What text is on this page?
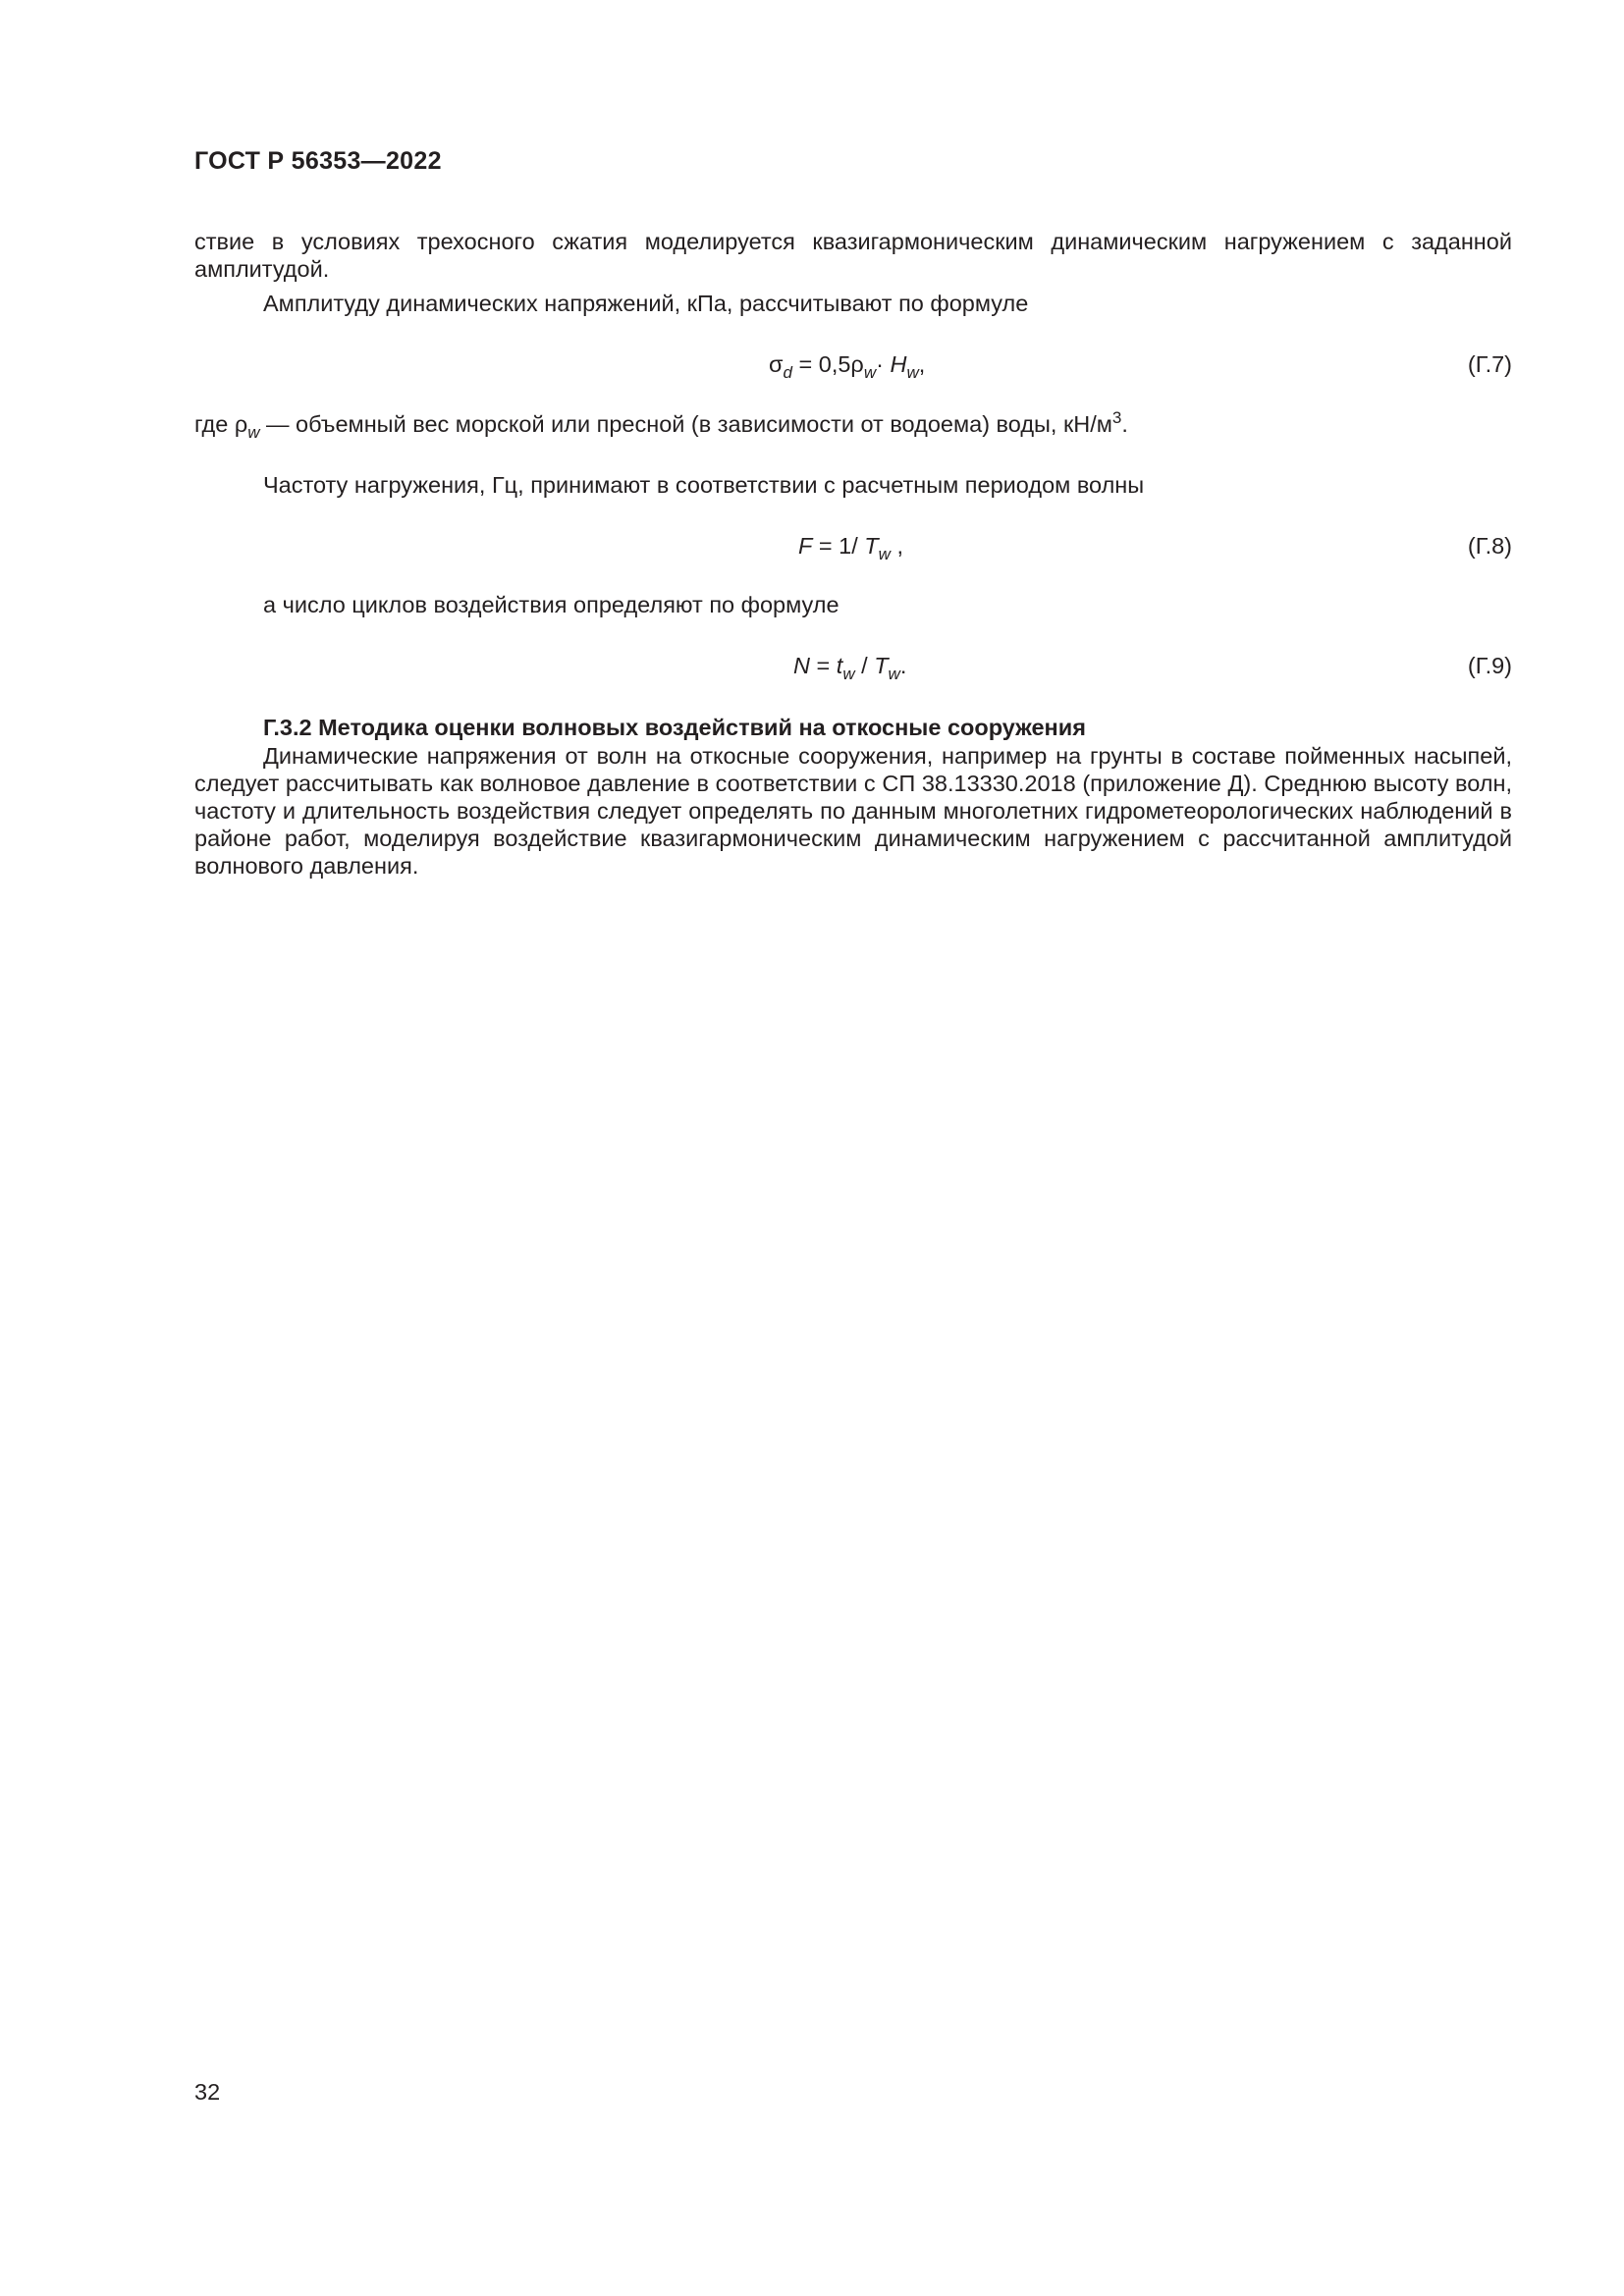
ГОСТ Р 56353—2022
ствие в условиях трехосного сжатия моделируется квазигармоническим динамическим нагружением с заданной амплитудой.
Амплитуду динамических напряжений, кПа, рассчитывают по формуле
$\sigma_d = 0,5\rho_w\cdot H_w$,	(Г.7)
где $\rho_w$ — объемный вес морской или пресной (в зависимости от водоема) воды, $кН/м^3$.
Частоту нагружения, Гц, принимают в соответствии с расчетным периодом волны
F = 1/ $T_w$ ,	(Г.8)
а число циклов воздействия определяют по формуле
$N = t_w / T_w$.	(Г.9)
Г.3.2 Методика оценки волновых воздействий на откосные сооружения
Динамические напряжения от волн на откосные сооружения, например на грунты в составе пойменных насыпей, следует рассчитывать как волновое давление в соответствии с СП 38.13330.2018 (приложение Д). Среднюю высоту волн, частоту и длительность воздействия следует определять по данным многолетних гидрометеорологических наблюдений в районе работ, моделируя воздействие квазигармоническим динамическим нагружением с рассчитанной амплитудой волнового давления.
32
